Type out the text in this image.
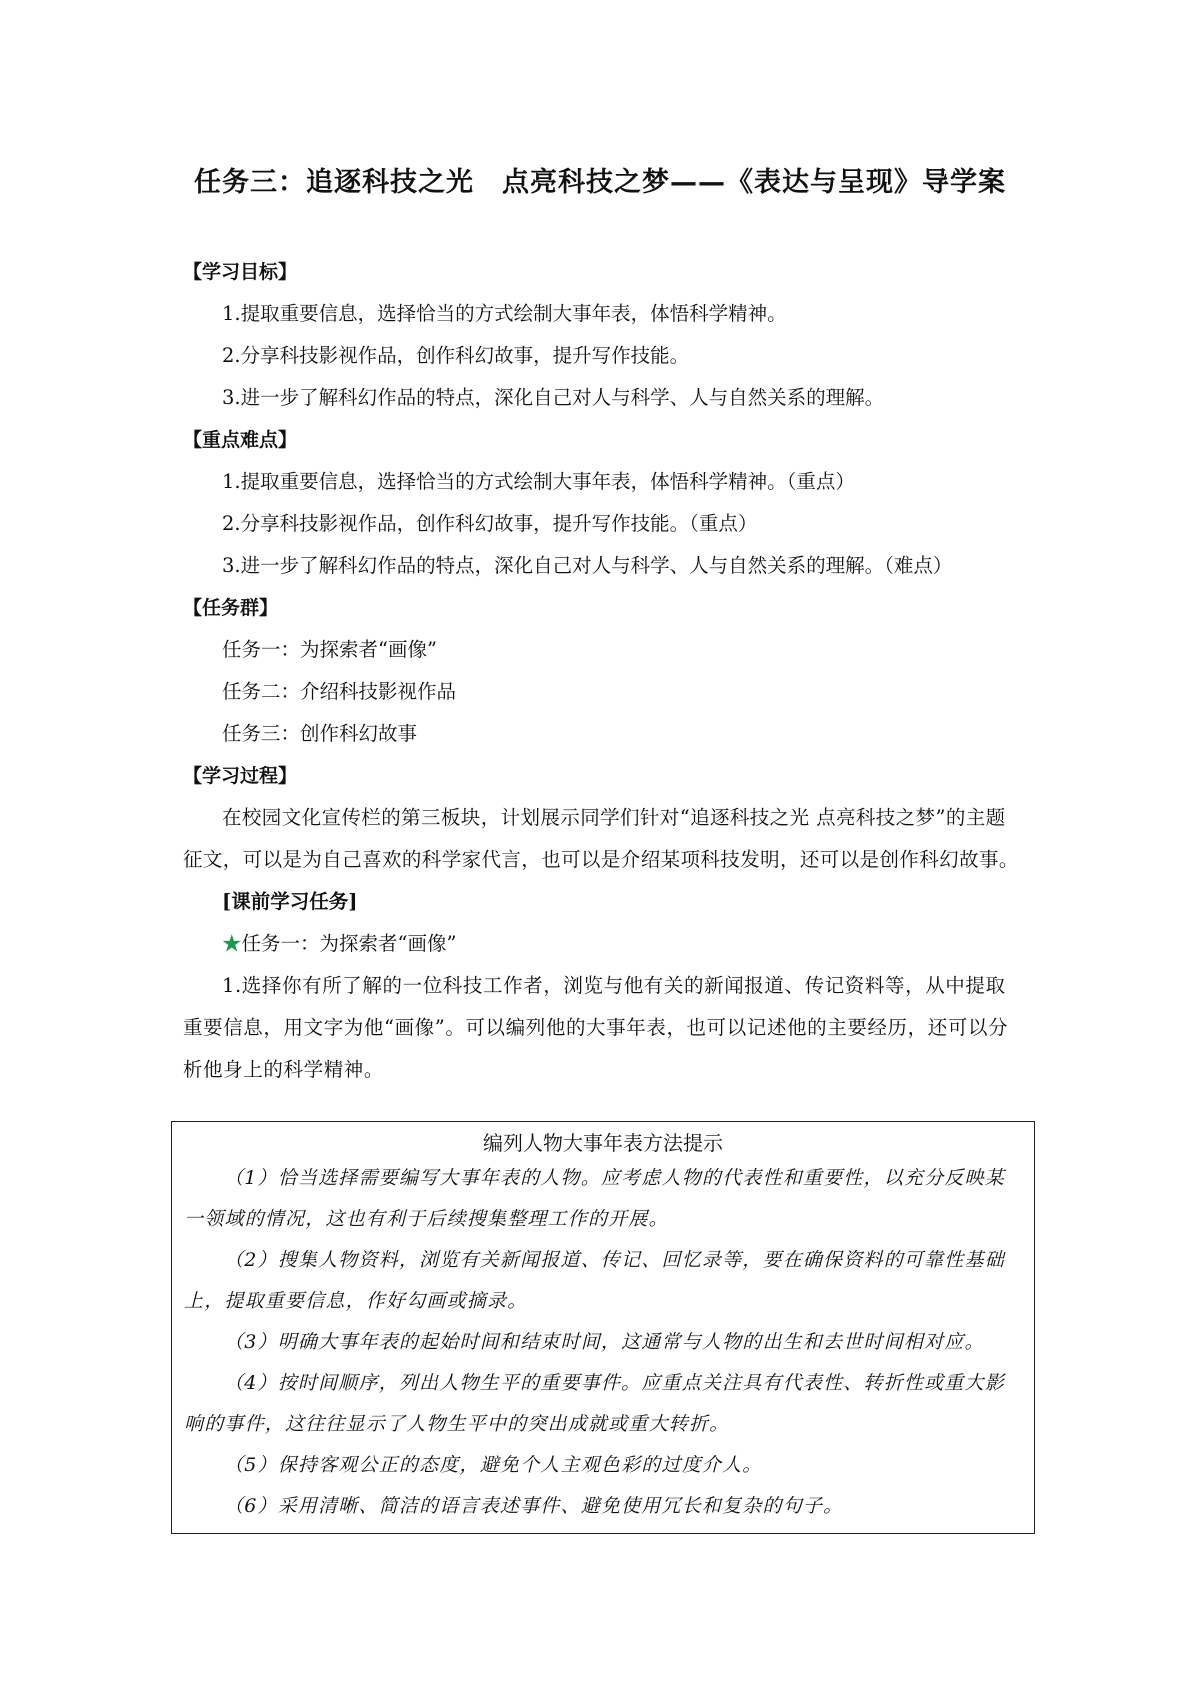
任务三：追逐科技之光　点亮科技之梦——《表达与呈现》导学案
【学习目标】
1.提取重要信息，选择恰当的方式绘制大事年表，体悟科学精神。
2.分享科技影视作品，创作科幻故事，提升写作技能。
3.进一步了解科幻作品的特点，深化自己对人与科学、人与自然关系的理解。
【重点难点】
1.提取重要信息，选择恰当的方式绘制大事年表，体悟科学精神。（重点）
2.分享科技影视作品，创作科幻故事，提升写作技能。（重点）
3.进一步了解科幻作品的特点，深化自己对人与科学、人与自然关系的理解。（难点）
【任务群】
任务一：为探索者“画像”
任务二：介绍科技影视作品
任务三：创作科幻故事
【学习过程】
在校园文化宣传栏的第三板块，计划展示同学们针对“追逐科技之光 点亮科技之梦”的主题征文，可以是为自己喜欢的科学家代言，也可以是介绍某项科技发明，还可以是创作科幻故事。
[课前学习任务]
★任务一：为探索者“画像”
1.选择你有所了解的一位科技工作者，浏览与他有关的新闻报道、传记资料等，从中提取重要信息，用文字为他“画像”。可以编列他的大事年表，也可以记述他的主要经历，还可以分析他身上的科学精神。
编列人物大事年表方法提示
（1）恰当选择需要编写大事年表的人物。应考虑人物的代表性和重要性，以充分反映某一领域的情况，这也有利于后续搜集整理工作的开展。
（2）搜集人物资料，浏览有关新闻报道、传记、回忆录等，要在确保资料的可靠性基础上，提取重要信息，作好勾画或摘录。
（3）明确大事年表的起始时间和结束时间，这通常与人物的出生和去世时间相对应。
（4）按时间顺序，列出人物生平的重要事件。应重点关注具有代表性、转折性或重大影响的事件，这往往显示了人物生平中的突出成就或重大转折。
（5）保持客观公正的态度，避免个人主观色彩的过度介人。
（6）采用清晰、简洁的语言表述事件、避免使用冗长和复杂的句子。
